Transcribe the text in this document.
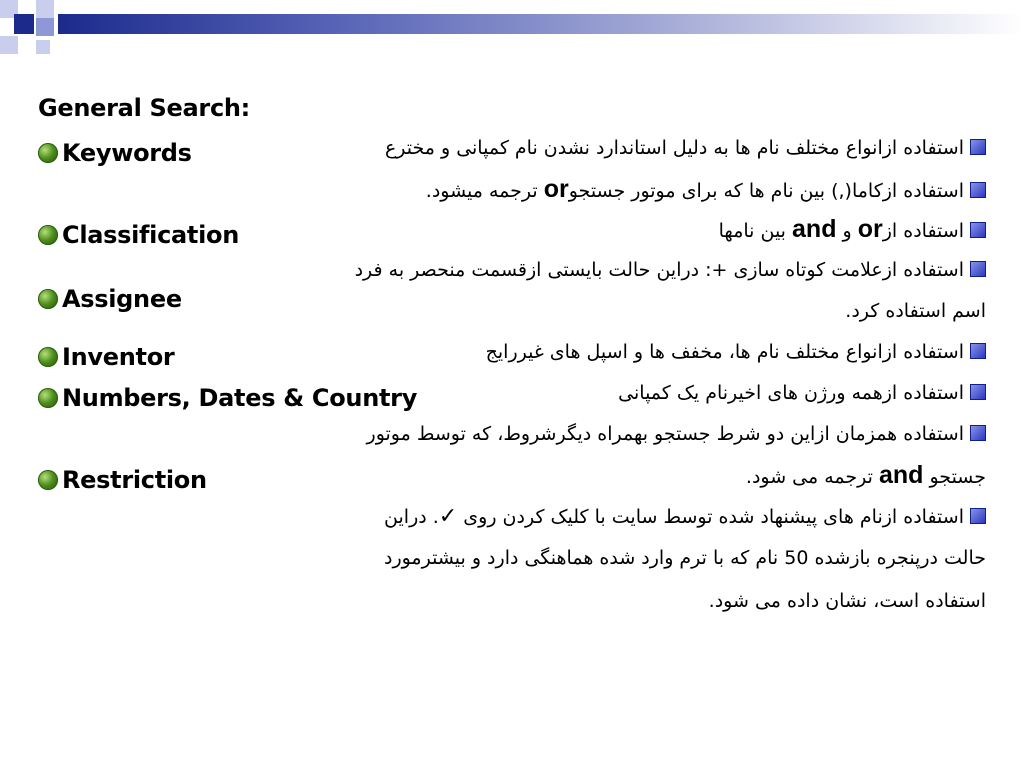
General Search:
Keywords
Classification
Assignee
Inventor
Numbers, Dates & Country
Restriction
استفاده ازانواع مختلف نام ها به دلیل استاندارد نشدن نام کمپانی و مخترع
استفاده ازکاما(,) بین نام ها که برای موتور جستجوor ترجمه میشود.
استفاده ازor و and بین نامها
استفاده ازعلامت کوتاه سازی +: دراین حالت بایستی ازقسمت منحصر به فرد
اسم استفاده کرد.
استفاده ازانواع مختلف نام ها، مخفف ها و اسپل های غیررایج
استفاده ازهمه ورژن های اخیرنام یک کمپانی
استفاده همزمان ازاین دو شرط جستجو بهمراه دیگرشروط، که توسط موتور
جستجو and ترجمه می شود.
استفاده ازنام های پیشنهاد شده توسط سایت با کلیک کردن روی ✓. دراین
حالت درپنجره بازشده 50 نام که با ترم وارد شده هماهنگی دارد و بیشترمورد
استفاده است، نشان داده می شود.
